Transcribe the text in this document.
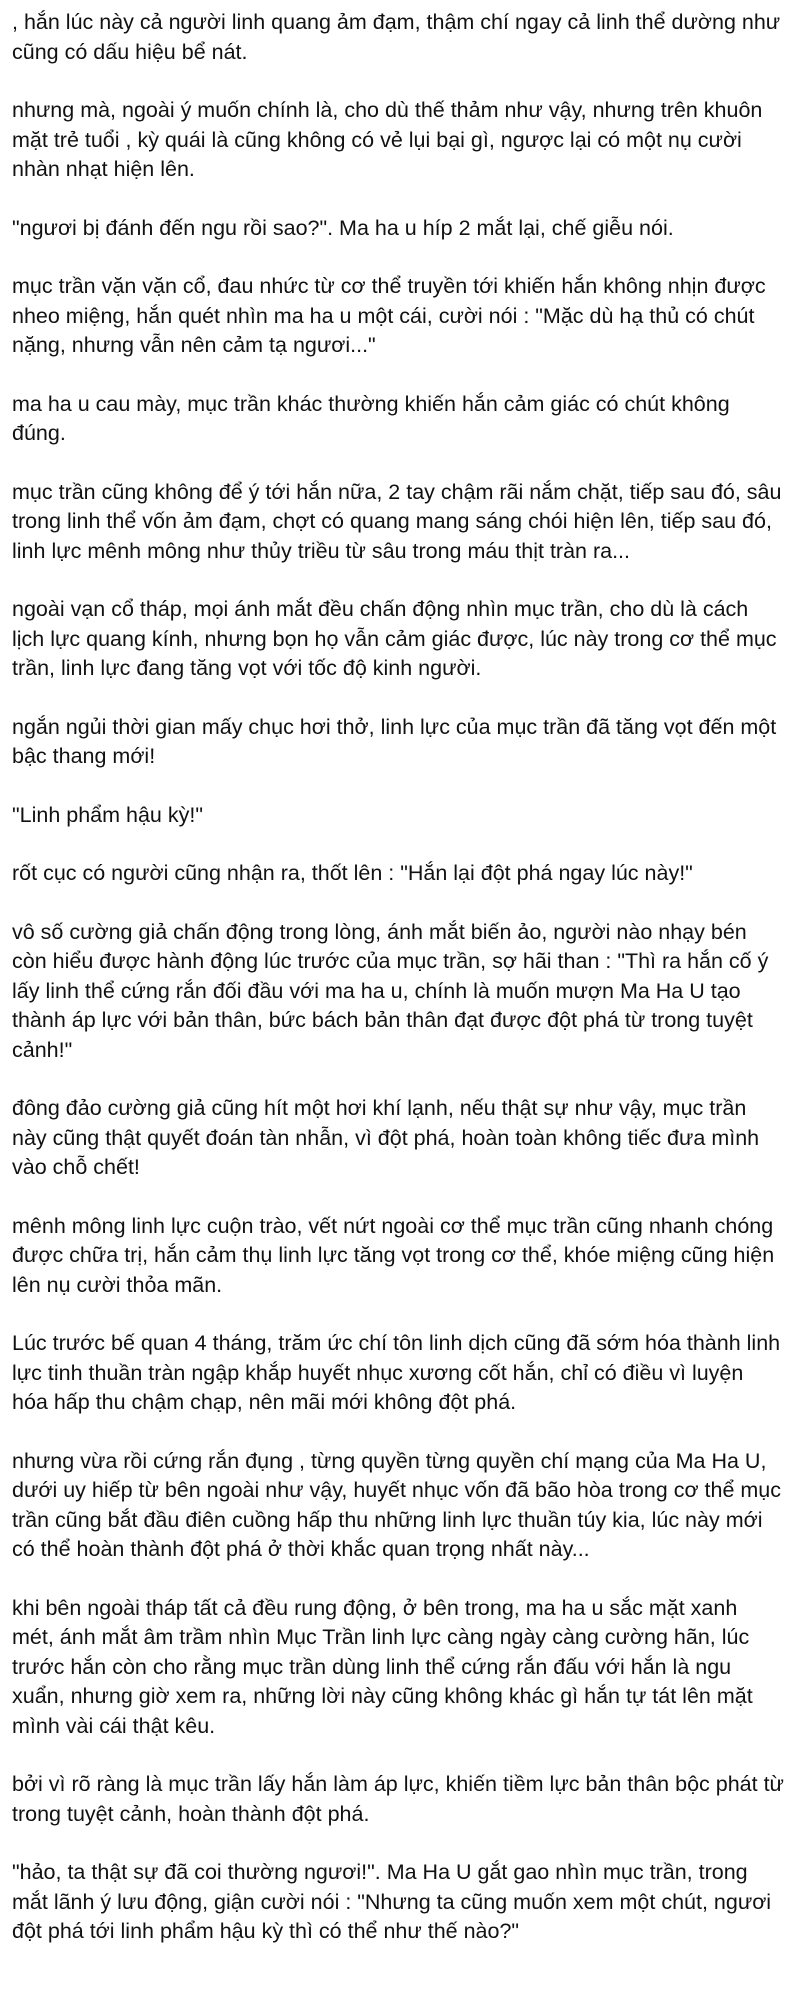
, hắn lúc này cả người linh quang ảm đạm, thậm chí ngay cả linh thể dường như cũng có dấu hiệu bể nát.

nhưng mà, ngoài ý muốn chính là, cho dù thế thảm như vậy, nhưng trên khuôn mặt trẻ tuổi , kỳ quái là cũng không có vẻ lụi bại gì, ngược lại có một nụ cười nhàn nhạt hiện lên.

"ngươi bị đánh đến ngu rồi sao?". Ma ha u híp 2 mắt lại, chế giễu nói.

mục trần vặn vặn cổ, đau nhức từ cơ thể truyền tới khiến hắn không nhịn được nheo miệng, hắn quét nhìn ma ha u một cái, cười nói : "Mặc dù hạ thủ có chút nặng, nhưng vẫn nên cảm tạ ngươi..."

ma ha u cau mày, mục trần khác thường khiến hắn cảm giác có chút không đúng.

mục trần cũng không để ý tới hắn nữa, 2 tay chậm rãi nắm chặt, tiếp sau đó, sâu trong linh thể vốn ảm đạm, chợt có quang mang sáng chói hiện lên, tiếp sau đó, linh lực mênh mông như thủy triều từ sâu trong máu thịt tràn ra...

ngoài vạn cổ tháp, mọi ánh mắt đều chấn động nhìn mục trần, cho dù là cách lịch lực quang kính, nhưng bọn họ vẫn cảm giác được, lúc này trong cơ thể mục trần, linh lực đang tăng vọt với tốc độ kinh người.

ngắn ngủi thời gian mấy chục hơi thở, linh lực của mục trần đã tăng vọt đến một bậc thang mới!

"Linh phẩm hậu kỳ!"

rốt cục có người cũng nhận ra, thốt lên : "Hắn lại đột phá ngay lúc này!"

vô số cường giả chấn động trong lòng, ánh mắt biến ảo, người nào nhạy bén còn hiểu được hành động lúc trước của mục trần, sợ hãi than : "Thì ra hắn cố ý lấy linh thể cứng rắn đối đầu với ma ha u, chính là muốn mượn Ma Ha U tạo thành áp lực với bản thân, bức bách bản thân đạt được đột phá từ trong tuyệt cảnh!"

đông đảo cường giả cũng hít một hơi khí lạnh, nếu thật sự như vậy, mục trần này cũng thật quyết đoán tàn nhẫn, vì đột phá, hoàn toàn không tiếc đưa mình vào chỗ chết!

mênh mông linh lực cuộn trào, vết nứt ngoài cơ thể mục trần cũng nhanh chóng được chữa trị, hắn cảm thụ linh lực tăng vọt trong cơ thể, khóe miệng cũng hiện lên nụ cười thỏa mãn.

Lúc trước bế quan 4 tháng, trăm ức chí tôn linh dịch cũng đã sớm hóa thành linh lực tinh thuần tràn ngập khắp huyết nhục xương cốt hắn, chỉ có điều vì luyện hóa hấp thu chậm chạp, nên mãi mới không đột phá.

nhưng vừa rồi cứng rắn đụng , từng quyền từng quyền chí mạng của Ma Ha U, dưới uy hiếp từ bên ngoài như vậy, huyết nhục vốn đã bão hòa trong cơ thể mục trần cũng bắt đầu điên cuồng hấp thu những linh lực thuần túy kia, lúc này mới có thể hoàn thành đột phá ở thời khắc quan trọng nhất này...

khi bên ngoài tháp tất cả đều rung động, ở bên trong, ma ha u sắc mặt xanh mét, ánh mắt âm trầm nhìn Mục Trần linh lực càng ngày càng cường hãn, lúc trước hắn còn cho rằng mục trần dùng linh thể cứng rắn đấu với hắn là ngu xuẩn, nhưng giờ xem ra, những lời này cũng không khác gì hắn tự tát lên mặt mình vài cái thật kêu.

bởi vì rõ ràng là mục trần lấy hắn làm áp lực, khiến tiềm lực bản thân bộc phát từ trong tuyệt cảnh, hoàn thành đột phá.

"hảo, ta thật sự đã coi thường ngươi!". Ma Ha U gắt gao nhìn mục trần, trong mắt lãnh ý lưu động, giận cười nói : "Nhưng ta cũng muốn xem một chút, ngươi đột phá tới linh phẩm hậu kỳ thì có thể như thế nào?"
